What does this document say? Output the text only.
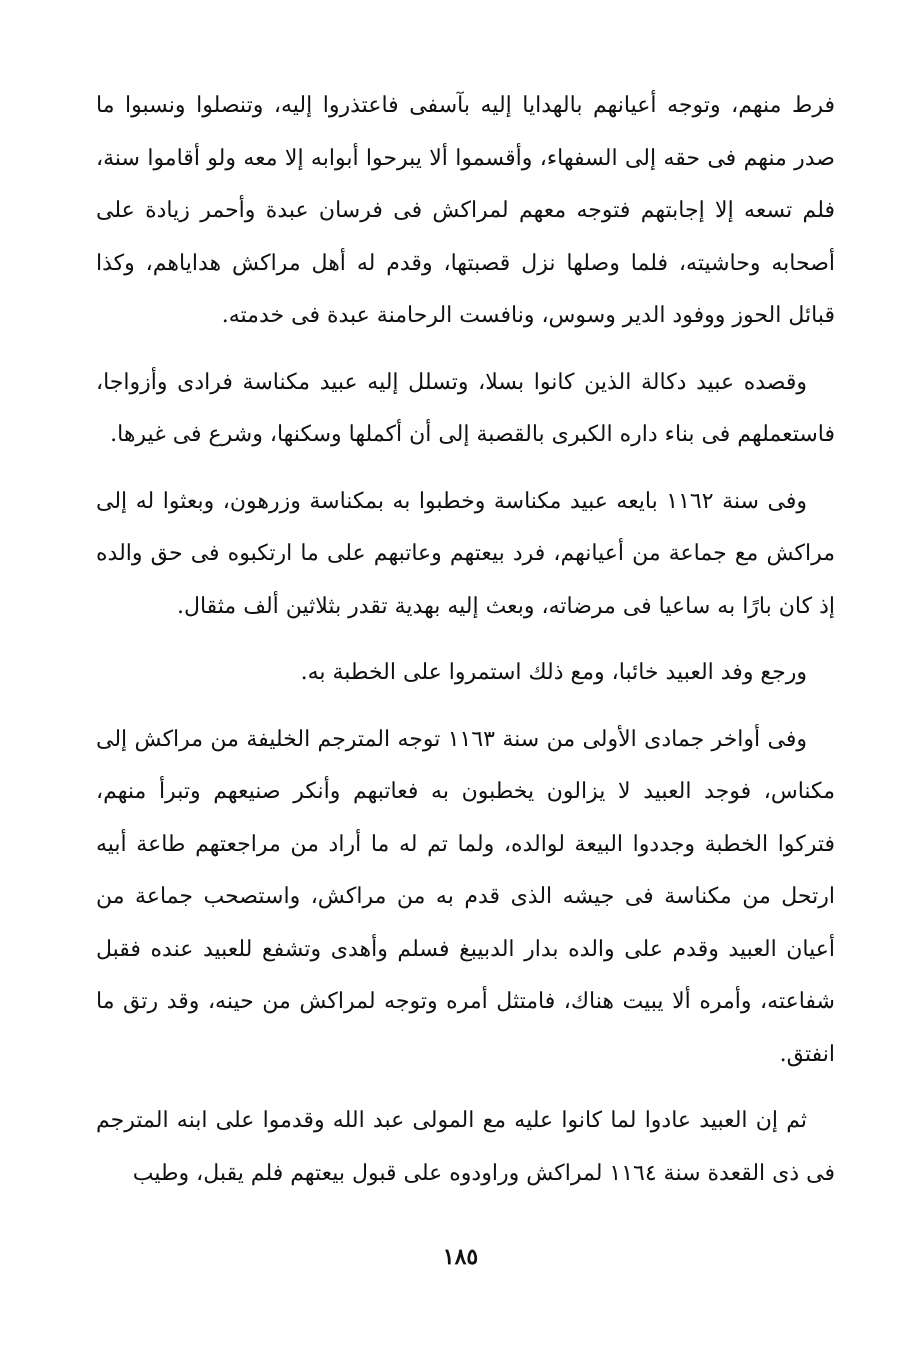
فرط منهم، وتوجه أعيانهم بالهدايا إليه بآسفى فاعتذروا إليه، وتنصلوا ونسبوا ما صدر منهم فى حقه إلى السفهاء، وأقسموا ألا يبرحوا أبوابه إلا معه ولو أقاموا سنة، فلم تسعه إلا إجابتهم فتوجه معهم لمراكش فى فرسان عبدة وأحمر زيادة على أصحابه وحاشيته، فلما وصلها نزل قصبتها، وقدم له أهل مراكش هداياهم، وكذا قبائل الحوز ووفود الدير وسوس، ونافست الرحامنة عبدة فى خدمته.

وقصده عبيد دكالة الذين كانوا بسلا، وتسلل إليه عبيد مكناسة فرادى وأزواجا، فاستعملهم فى بناء داره الكبرى بالقصبة إلى أن أكملها وسكنها، وشرع فى غيرها.

وفى سنة ١١٦٢ بايعه عبيد مكناسة وخطبوا به بمكناسة وزرهون، وبعثوا له إلى مراكش مع جماعة من أعيانهم، فرد بيعتهم وعاتبهم على ما ارتكبوه فى حق والده إذ كان بارًا به ساعيا فى مرضاته، وبعث إليه بهدية تقدر بثلاثين ألف مثقال.

ورجع وفد العبيد خائبا، ومع ذلك استمروا على الخطبة به.

وفى أواخر جمادى الأولى من سنة ١١٦٣ توجه المترجم الخليفة من مراكش إلى مكناس، فوجد العبيد لا يزالون يخطبون به فعاتبهم وأنكر صنيعهم وتبرأ منهم، فتركوا الخطبة وجددوا البيعة لوالده، ولما تم له ما أراد من مراجعتهم طاعة أبيه ارتحل من مكناسة فى جيشه الذى قدم به من مراكش، واستصحب جماعة من أعيان العبيد وقدم على والده بدار الدبيبغ فسلم وأهدى وتشفع للعبيد عنده فقبل شفاعته، وأمره ألا يبيت هناك، فامتثل أمره وتوجه لمراكش من حينه، وقد رتق ما انفتق.

ثم إن العبيد عادوا لما كانوا عليه مع المولى عبد الله وقدموا على ابنه المترجم فى ذى القعدة سنة ١١٦٤ لمراكش وراودوه على قبول بيعتهم فلم يقبل، وطيب

١٨٥
